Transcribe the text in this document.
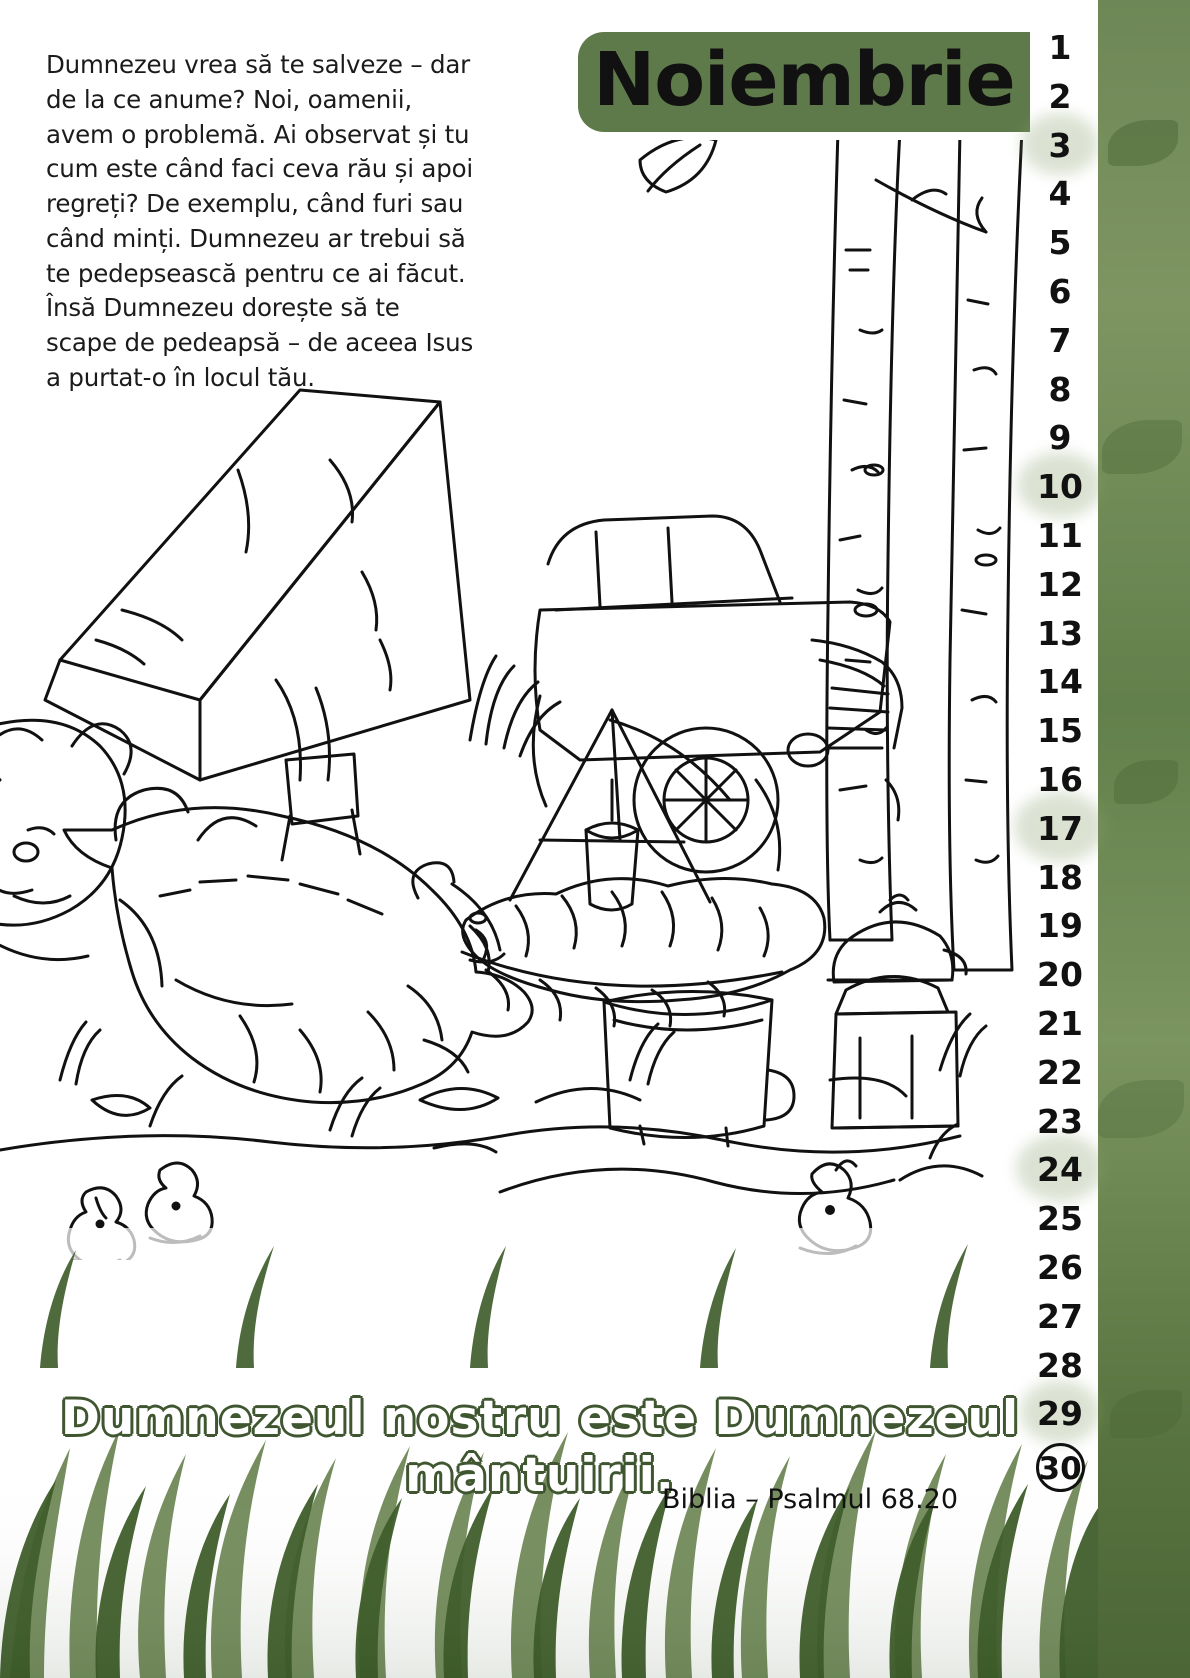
Dumnezeu vrea să te salveze – dar de la ce anume? Noi, oamenii, avem o problemă. Ai observat și tu cum este când faci ceva rău și apoi regreți? De exemplu, când furi sau când minți. Dumnezeu ar trebui să te pedepsească pentru ce ai făcut. Însă Dumnezeu dorește să te scape de pedeapsă – de aceea Isus a purtat-o în locul tău.
Noiembrie
Dumnezeul nostru este Dumnezeul mântuirii.
Biblia – Psalmul 68.20
1
2
3
4
5
6
7
8
9
10
11
12
13
14
15
16
17
18
19
20
21
22
23
24
25
26
27
28
29
30
